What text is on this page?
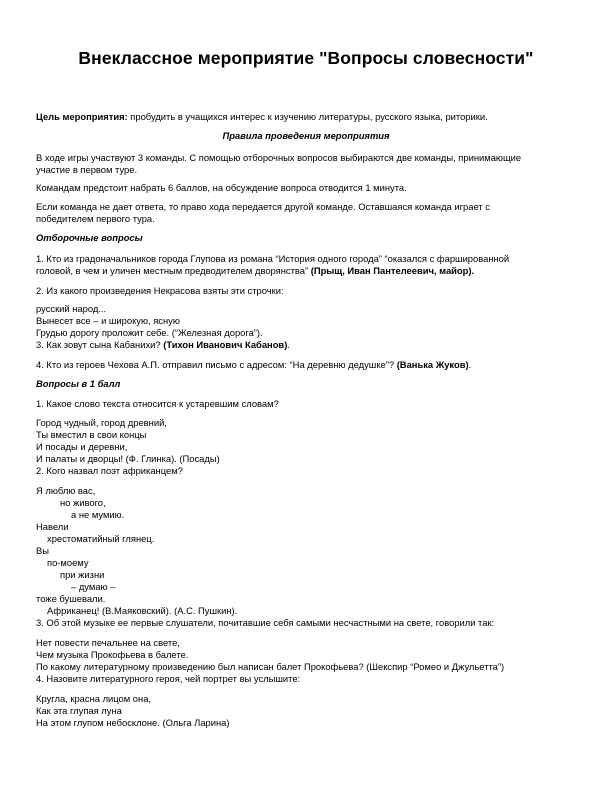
Внеклассное мероприятие "Вопросы словесности"
Цель мероприятия: пробудить в учащихся интерес к изучению литературы, русского языка, риторики.
Правила проведения мероприятия
В ходе игры участвуют 3 команды. С помощью отборочных вопросов выбираются две команды, принимающие
участие в первом туре.
Командам предстоит набрать 6 баллов, на обсуждение вопроса отводится 1 минута.
Если команда не дает ответа, то право хода передается другой команде. Оставшаяся команда играет с
победителем первого тура.
Отборочные вопросы
1. Кто из градоначальников города Глупова из романа “История одного города” “оказался с фаршированной
головой, в чем и уличен местным предводителем дворянства” (Прыщ, Иван Пантелеевич, майор).
2. Из какого произведения Некрасова взяты эти строчки:
русский народ...
Вынесет все – и широкую, ясную
Грудью дорогу проложит себе. (“Железная дорога”).
3. Как зовут сына Кабанихи? (Тихон Иванович Кабанов).
4. Кто из героев Чехова А.П. отправил письмо с адресом: “На деревню дедушке”? (Ванька Жуков).
Вопросы в 1 балл
1. Какое слово текста относится к устаревшим словам?
Город чудный, город древний,
Ты вместил в свои концы
И посады и деревни,
И палаты и дворцы! (Ф. Глинка). (Посады)
2. Кого назвал поэт африканцем?
Я люблю вас,
но живого,
а не мумию.
Навели
хрестоматийный глянец.
Вы
по-моему
при жизни
– думаю –
тоже бушевали.
Африканец! (В.Маяковский). (А.С. Пушкин).
3. Об этой музыке ее первые слушатели, почитавшие себя самыми несчастными на свете, говорили так:
Нет повести печальнее на свете,
Чем музыка Прокофьева в балете.
По какому литературному произведению был написан балет Прокофьева? (Шекспир “Ромео и Джульетта”)
4. Назовите литературного героя, чей портрет вы услышите:
Кругла, красна лицом она,
Как эта глупая луна
На этом глупом небосклоне. (Ольга Ларина)
